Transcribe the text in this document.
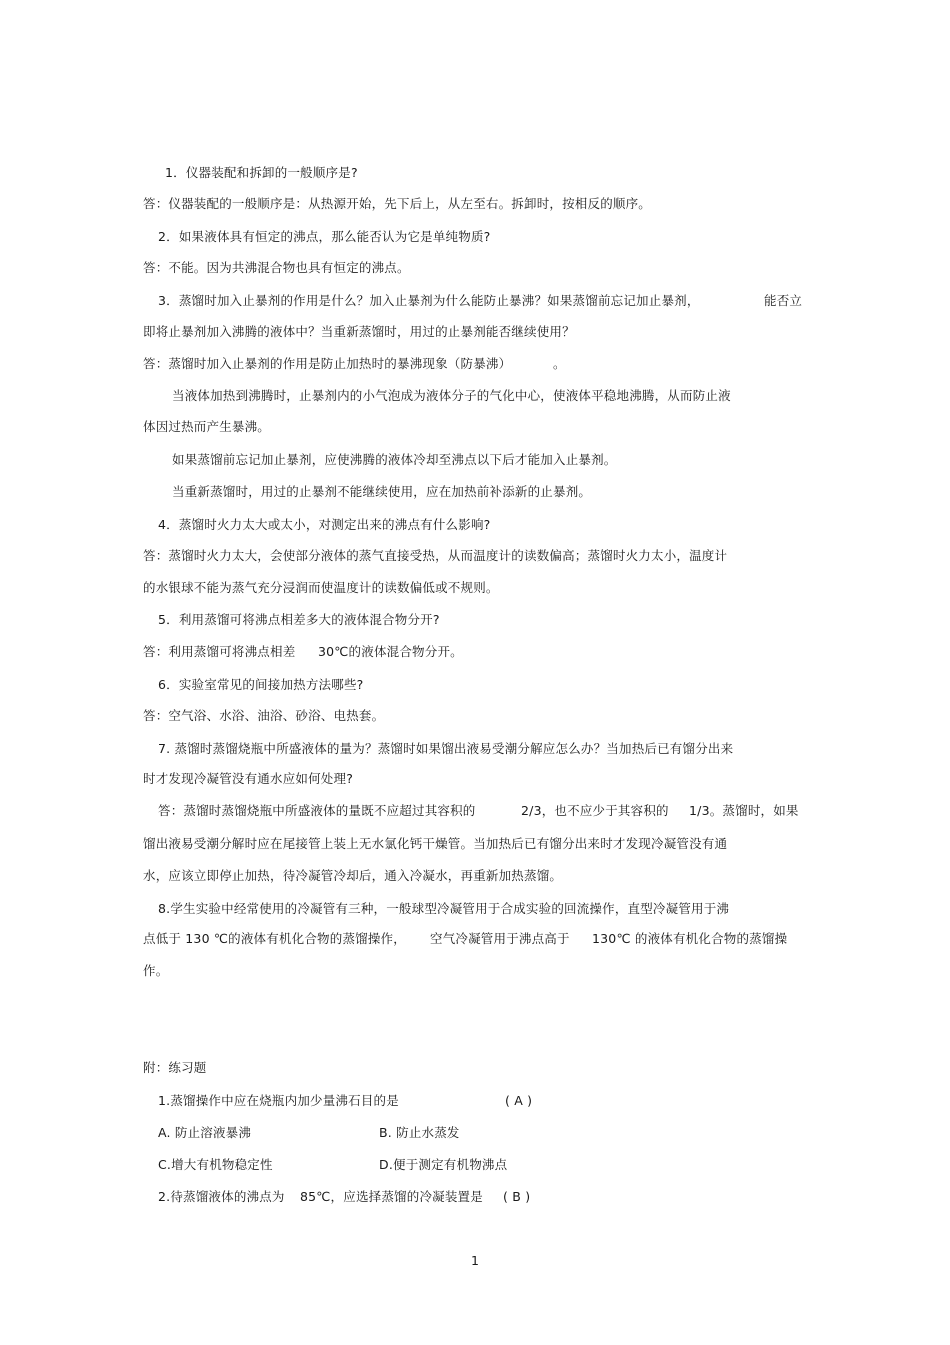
1．仪器装配和拆卸的一般顺序是?
答：仪器装配的一般顺序是：从热源开始，先下后上，从左至右。拆卸时，按相反的顺序。
2．如果液体具有恒定的沸点，那么能否认为它是单纯物质?
答：不能。因为共沸混合物也具有恒定的沸点。
3．蒸馏时加入止暴剂的作用是什么？加入止暴剂为什么能防止暴沸？如果蒸馏前忘记加止暴剂，	能否立
即将止暴剂加入沸腾的液体中？当重新蒸馏时，用过的止暴剂能否继续使用？
答：蒸馏时加入止暴剂的作用是防止加热时的暴沸现象（防暴沸）	。
当液体加热到沸腾时，止暴剂内的小气泡成为液体分子的气化中心，使液体平稳地沸腾，从而防止液
体因过热而产生暴沸。
如果蒸馏前忘记加止暴剂，应使沸腾的液体冷却至沸点以下后才能加入止暴剂。
当重新蒸馏时，用过的止暴剂不能继续使用，应在加热前补添新的止暴剂。
4．蒸馏时火力太大或太小，对测定出来的沸点有什么影响?
答：蒸馏时火力太大，会使部分液体的蒸气直接受热，从而温度计的读数偏高；蒸馏时火力太小，温度计
的水银球不能为蒸气充分浸润而使温度计的读数偏低或不规则。
5．利用蒸馏可将沸点相差多大的液体混合物分开?
答：利用蒸馏可将沸点相差 30℃的液体混合物分开。
6．实验室常见的间接加热方法哪些?
答：空气浴、水浴、油浴、砂浴、电热套。
7. 蒸馏时蒸馏烧瓶中所盛液体的量为？蒸馏时如果馏出液易受潮分解应怎么办？当加热后已有馏分出来
时才发现冷凝管没有通水应如何处理?
答：蒸馏时蒸馏烧瓶中所盛液体的量既不应超过其容积的	2/3，也不应少于其容积的 1/3。蒸馏时，如果
馏出液易受潮分解时应在尾接管上装上无水氯化钙干燥管。当加热后已有馏分出来时才发现冷凝管没有通
水，应该立即停止加热，待冷凝管冷却后，通入冷凝水，再重新加热蒸馏。
8.学生实验中经常使用的冷凝管有三种，一般球型冷凝管用于合成实验的回流操作，直型冷凝管用于沸
点低于 130 ℃的液体有机化合物的蒸馏操作， 空气冷凝管用于沸点高于 130℃ 的液体有机化合物的蒸馏操
作。
附：练习题
1.蒸馏操作中应在烧瓶内加少量沸石目的是	( A )
A. 防止溶液暴沸	B. 防止水蒸发
C.增大有机物稳定性	D.便于测定有机物沸点
2.待蒸馏液体的沸点为 85℃，应选择蒸馏的冷凝装置是 ( B )
1
